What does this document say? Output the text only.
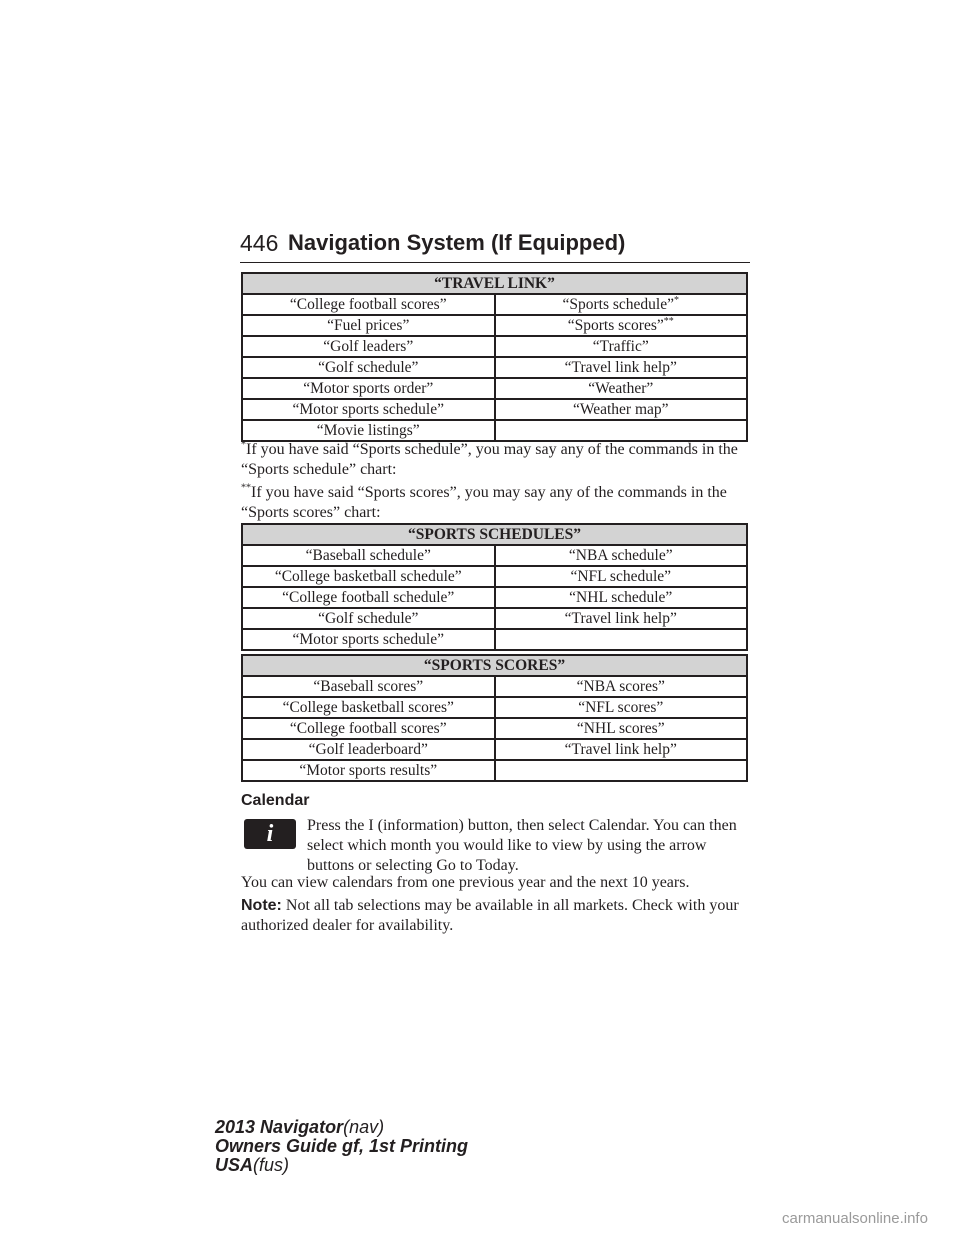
446 Navigation System (If Equipped)
“TRAVEL LINK”	
“College football scores”	“Sports schedule”*
“Fuel prices”	“Sports scores”**
“Golf leaders”	“Traffic”
“Golf schedule”	“Travel link help”
“Motor sports order”	“Weather”
“Motor sports schedule”	“Weather map”
“Movie listings”	
*If you have said “Sports schedule”, you may say any of the commands in the “Sports schedule” chart:
**If you have said “Sports scores”, you may say any of the commands in the “Sports scores” chart:
“SPORTS SCHEDULES”	
“Baseball schedule”	“NBA schedule”
“College basketball schedule”	“NFL schedule”
“College football schedule”	“NHL schedule”
“Golf schedule”	“Travel link help”
“Motor sports schedule”	
“SPORTS SCORES”	
“Baseball scores”	“NBA scores”
“College basketball scores”	“NFL scores”
“College football scores”	“NHL scores”
“Golf leaderboard”	“Travel link help”
“Motor sports results”	
Calendar
i Press the I (information) button, then select Calendar. You can then select which month you would like to view by using the arrow buttons or selecting Go to Today.
You can view calendars from one previous year and the next 10 years.
Note: Not all tab selections may be available in all markets. Check with your authorized dealer for availability.
2013 Navigator(nav)
Owners Guide gf, 1st Printing
USA(fus)
carmanualsonline.info
